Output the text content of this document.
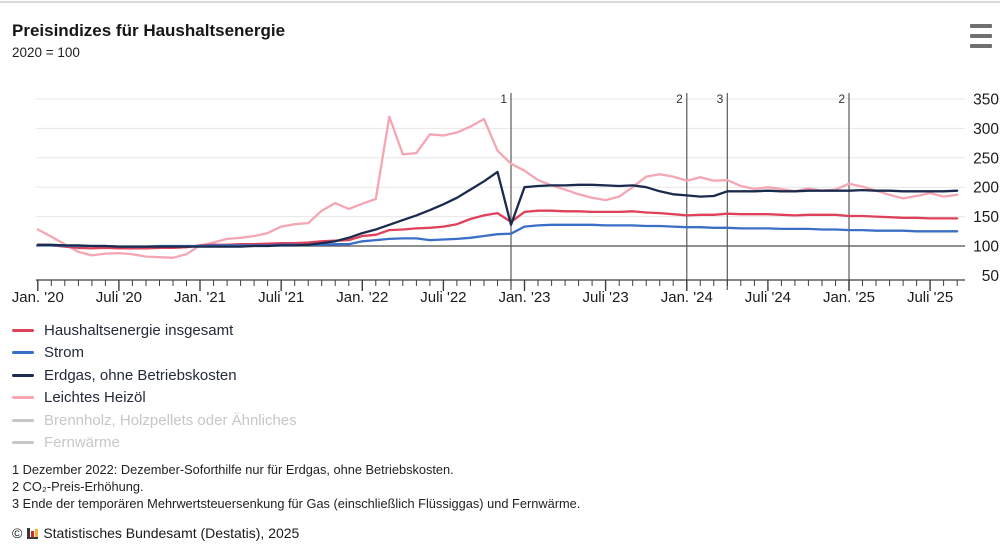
Preisindizes für Haushaltsenergie
2020 = 100
1	2	3	2
Jan. '20 Juli '20 Jan. '21 Juli '21 Jan. '22 Juli '22 Jan. '23 Juli '23 Jan. '24 Juli '24 Jan. '25 Juli '25
50
100
150
200
250
300
350
Haushaltsenergie insgesamt
Strom
Erdgas, ohne Betriebskosten
Leichtes Heizöl
Brennholz, Holzpellets oder Ähnliches
Fernwärme
1 Dezember 2022: Dezember-Soforthilfe nur für Erdgas, ohne Betriebskosten.
2 CO₂-Preis-Erhöhung.
3 Ende der temporären Mehrwertsteuersenkung für Gas (einschließlich Flüssiggas) und Fernwärme.
© Statistisches Bundesamt (Destatis), 2025
